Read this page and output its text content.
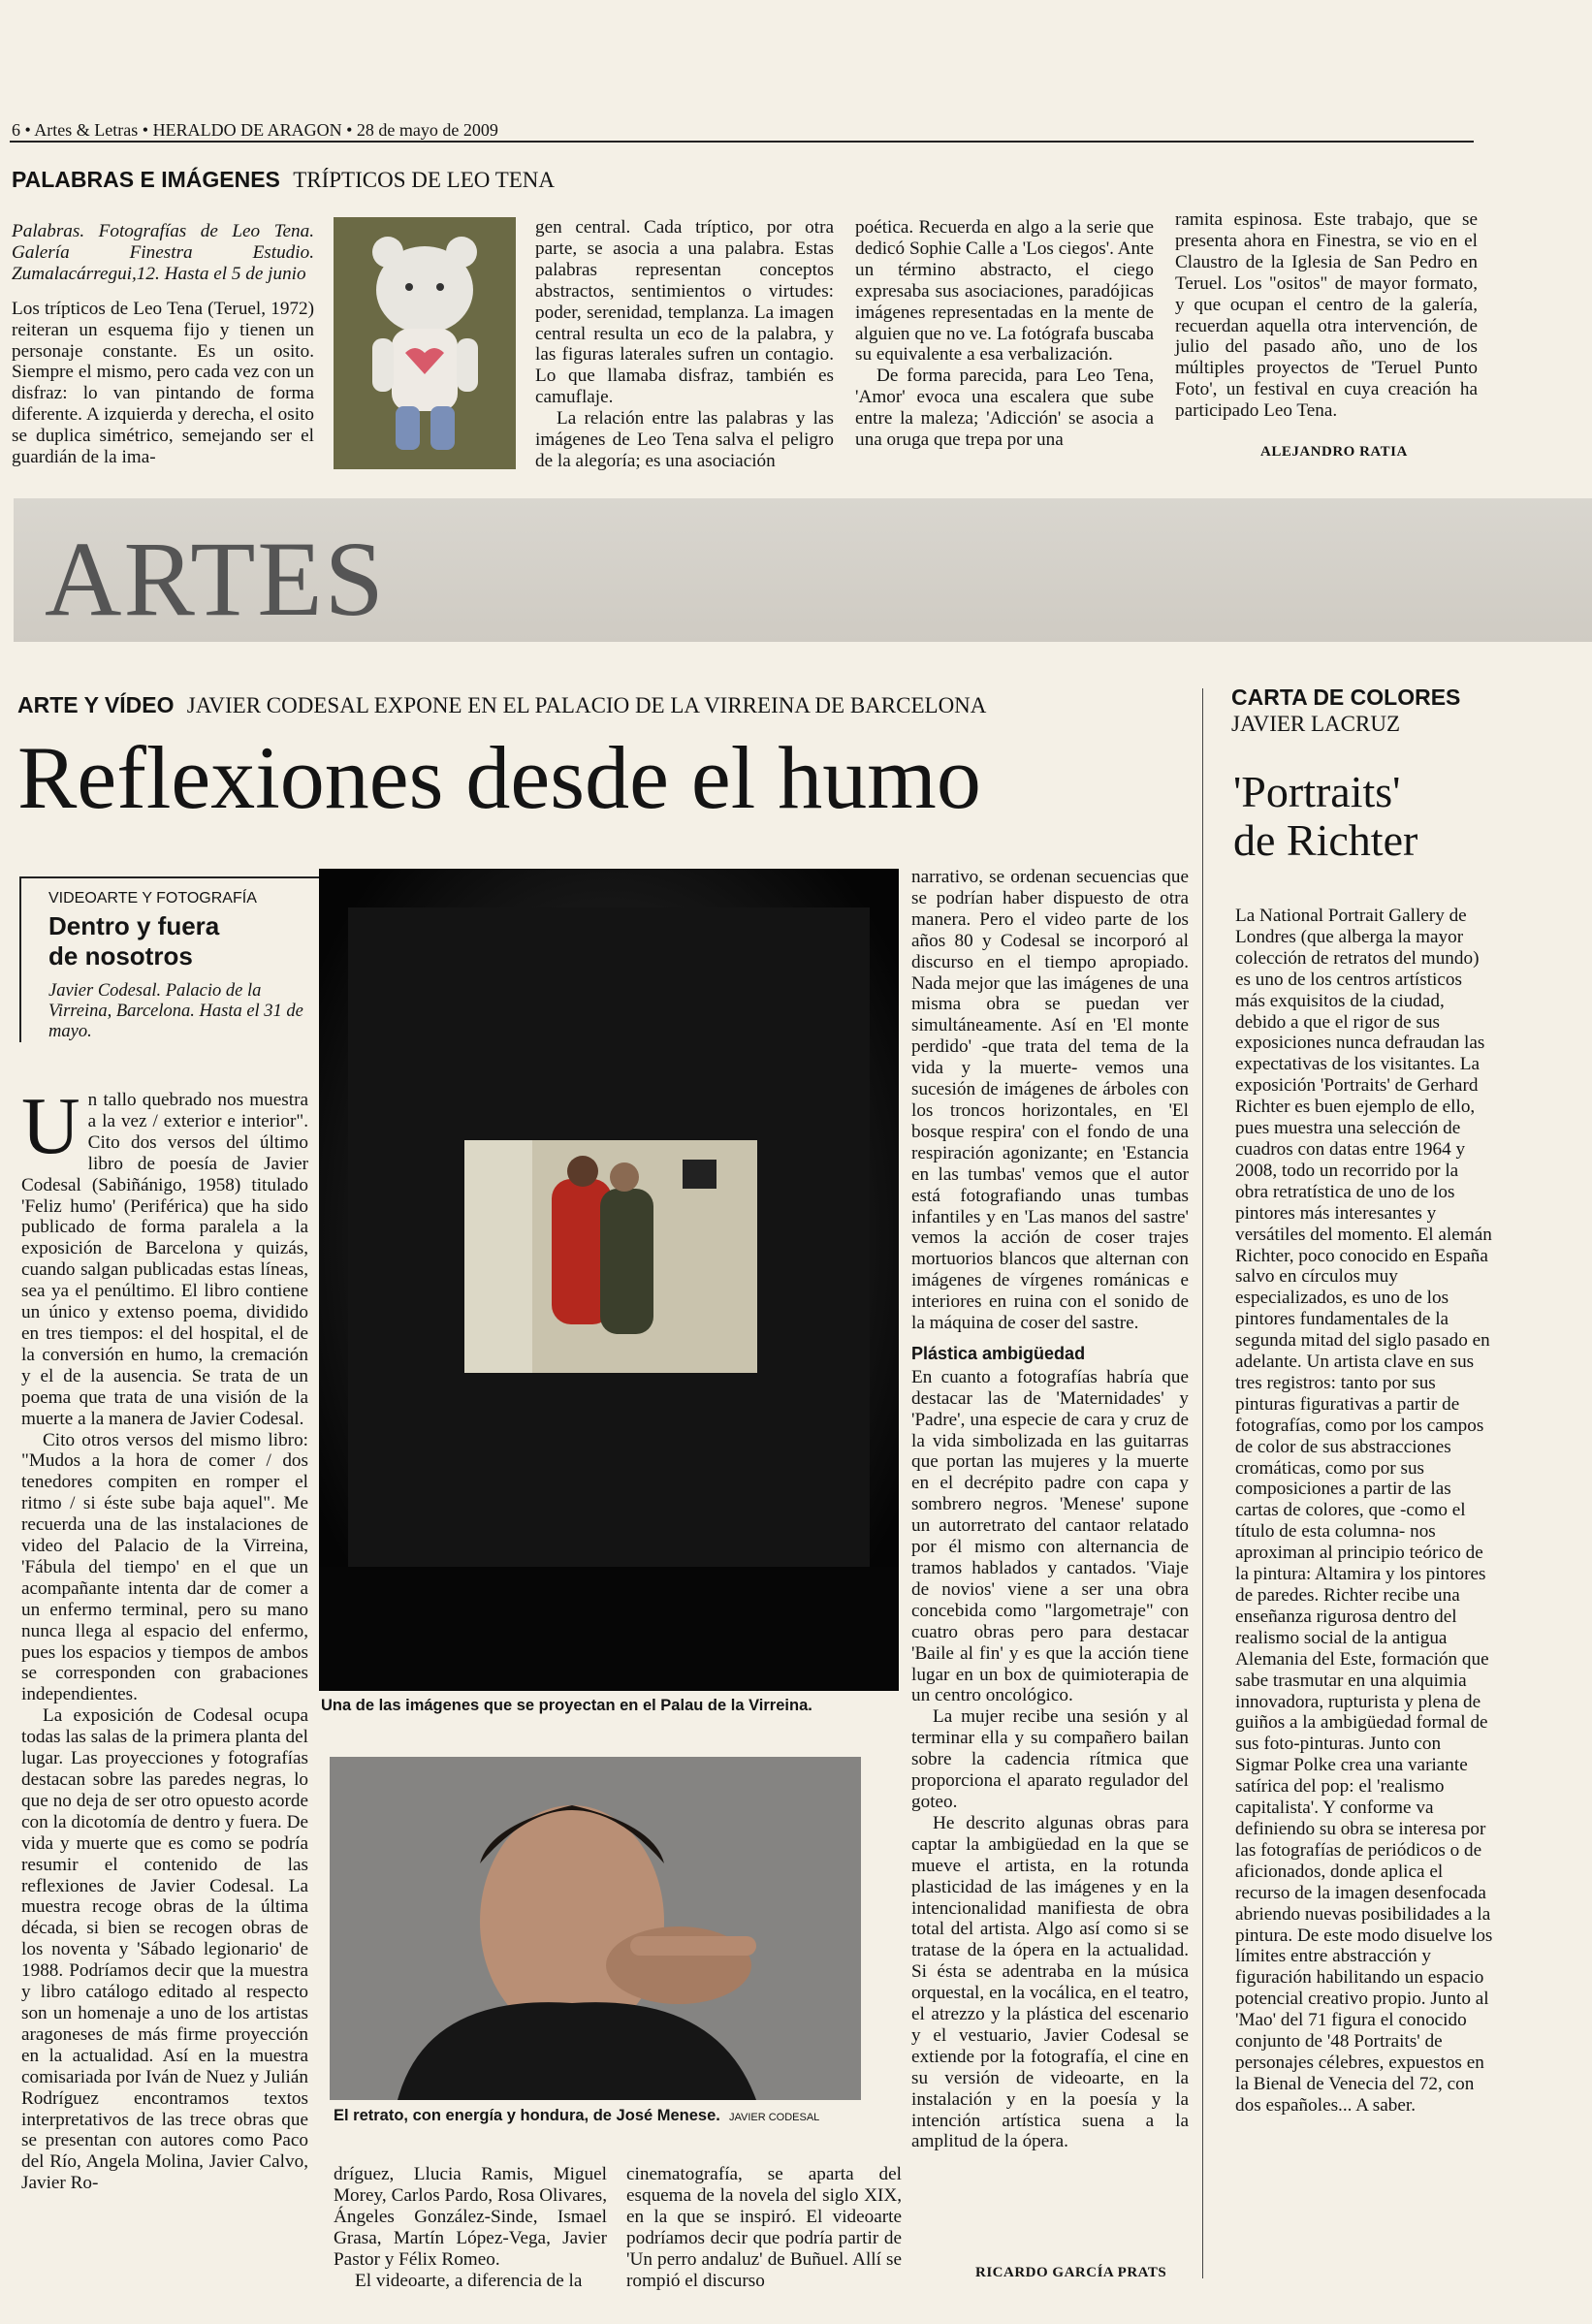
6 • Artes & Letras • HERALDO DE ARAGON • 28 de mayo de 2009
PALABRAS E IMÁGENES TRÍPTICOS DE LEO TENA

Palabras. Fotografías de Leo Tena. Galería Finestra Estudio. Zumalacárregui,12. Hasta el 5 de junio

Los trípticos de Leo Tena (Teruel, 1972) reiteran un esquema fijo y tienen un personaje constante. Es un osito. Siempre el mismo, pero cada vez con un disfraz: lo van pintando de forma diferente. A izquierda y derecha, el osito se duplica simétrico, semejando ser el guardián de la ima-

gen central. Cada tríptico, por otra parte, se asocia a una palabra. Estas palabras representan conceptos abstractos, sentimientos o virtudes: poder, serenidad, templanza. La imagen central resulta un eco de la palabra, y las figuras laterales sufren un contagio. Lo que llamaba disfraz, también es camuflaje.

La relación entre las palabras y las imágenes de Leo Tena salva el peligro de la alegoría; es una asociación

poética. Recuerda en algo a la serie que dedicó Sophie Calle a 'Los ciegos'. Ante un término abstracto, el ciego expresaba sus asociaciones, paradójicas imágenes representadas en la mente de alguien que no ve. La fotógrafa buscaba su equivalente a esa verbalización.

De forma parecida, para Leo Tena, 'Amor' evoca una escalera que sube entre la maleza; 'Adicción' se asocia a una oruga que trepa por una

ramita espinosa. Este trabajo, que se presenta ahora en Finestra, se vio en el Claustro de la Iglesia de San Pedro en Teruel. Los "ositos" de mayor formato, y que ocupan el centro de la galería, recuerdan aquella otra intervención, de julio del pasado año, uno de los múltiples proyectos de 'Teruel Punto Foto', un festival en cuya creación ha participado Leo Tena.

ALEJANDRO RATIA
ARTES
ARTE Y VÍDEO JAVIER CODESAL EXPONE EN EL PALACIO DE LA VIRREINA DE BARCELONA
Reflexiones desde el humo
VIDEOARTE Y FOTOGRAFÍA
Dentro y fuera
de nosotros
Javier Codesal. Palacio de la Virreina, Barcelona. Hasta el 31 de mayo.

U n tallo quebrado nos muestra a la vez / exterior e interior". Cito dos versos del último libro de poesía de Javier Codesal (Sabiñánigo, 1958) titulado 'Feliz humo' (Periférica) que ha sido publicado de forma paralela a la exposición de Barcelona y quizás, cuando salgan publicadas estas líneas, sea ya el penúltimo. El libro contiene un único y extenso poema, dividido en tres tiempos: el del hospital, el de la conversión en humo, la cremación y el de la ausencia. Se trata de un poema que trata de una visión de la muerte a la manera de Javier Codesal.

Cito otros versos del mismo libro: "Mudos a la hora de comer / dos tenedores compiten en romper el ritmo / si éste sube baja aquel". Me recuerda una de las instalaciones de video del Palacio de la Virreina, 'Fábula del tiempo' en el que un acompañante intenta dar de comer a un enfermo terminal, pero su mano nunca llega al espacio del enfermo, pues los espacios y tiempos de ambos se corresponden con grabaciones independientes.

La exposición de Codesal ocupa todas las salas de la primera planta del lugar. Las proyecciones y fotografías destacan sobre las paredes negras, lo que no deja de ser otro opuesto acorde con la dicotomía de dentro y fuera. De vida y muerte que es como se podría resumir el contenido de las reflexiones de Javier Codesal. La muestra recoge obras de la última década, si bien se recogen obras de los noventa y 'Sábado legionario' de 1988. Podríamos decir que la muestra y libro catálogo editado al respecto son un homenaje a uno de los artistas aragoneses de más firme proyección en la actualidad. Así en la muestra comisariada por Iván de Nuez y Julián Rodríguez encontramos textos interpretativos de las trece obras que se presentan con autores como Paco del Río, Angela Molina, Javier Calvo, Javier Ro-

Una de las imágenes que se proyectan en el Palau de la Virreina.
El retrato, con energía y hondura, de José Menese. JAVIER CODESAL

dríguez, Llucia Ramis, Miguel Morey, Carlos Pardo, Rosa Olivares, Ángeles González-Sinde, Ismael Grasa, Martín López-Vega, Javier Pastor y Félix Romeo.

El videoarte, a diferencia de la

cinematografía, se aparta del esquema de la novela del siglo XIX, en la que se inspiró. El videoarte podríamos decir que podría partir de 'Un perro andaluz' de Buñuel. Allí se rompió el discurso

narrativo, se ordenan secuencias que se podrían haber dispuesto de otra manera. Pero el video parte de los años 80 y Codesal se incorporó al discurso en el tiempo apropiado. Nada mejor que las imágenes de una misma obra se puedan ver simultáneamente. Así en 'El monte perdido' -que trata del tema de la vida y la muerte- vemos una sucesión de imágenes de árboles con los troncos horizontales, en 'El bosque respira' con el fondo de una respiración agonizante; en 'Estancia en las tumbas' vemos que el autor está fotografiando unas tumbas infantiles y en 'Las manos del sastre' vemos la acción de coser trajes mortuorios blancos que alternan con imágenes de vírgenes románicas e interiores en ruina con el sonido de la máquina de coser del sastre.

Plástica ambigüedad

En cuanto a fotografías habría que destacar las de 'Maternidades' y 'Padre', una especie de cara y cruz de la vida simbolizada en las guitarras que portan las mujeres y la muerte en el decrépito padre con capa y sombrero negros. 'Menese' supone un autorretrato del cantaor relatado por él mismo con alternancia de tramos hablados y cantados. 'Viaje de novios' viene a ser una obra concebida como "largometraje" con cuatro obras pero para destacar 'Baile al fin' y es que la acción tiene lugar en un box de quimioterapia de un centro oncológico.

La mujer recibe una sesión y al terminar ella y su compañero bailan sobre la cadencia rítmica que proporciona el aparato regulador del goteo.

He descrito algunas obras para captar la ambigüedad en la que se mueve el artista, en la rotunda plasticidad de las imágenes y en la intencionalidad manifiesta de obra total del artista. Algo así como si se tratase de la ópera en la actualidad. Si ésta se adentraba en la música orquestal, en la vocálica, en el teatro, el atrezzo y la plástica del escenario y el vestuario, Javier Codesal se extiende por la fotografía, el cine en su versión de videoarte, en la instalación y en la poesía y la intención artística suena a la amplitud de la ópera.

RICARDO GARCÍA PRATS
CARTA DE COLORES
JAVIER LACRUZ
'Portraits'
de Richter

La National Portrait Gallery de Londres (que alberga la mayor colección de retratos del mundo) es uno de los centros artísticos más exquisitos de la ciudad, debido a que el rigor de sus exposiciones nunca defraudan las expectativas de los visitantes. La exposición 'Portraits' de Gerhard Richter es buen ejemplo de ello, pues muestra una selección de cuadros con datas entre 1964 y 2008, todo un recorrido por la obra retratística de uno de los pintores más interesantes y versátiles del momento. El alemán Richter, poco conocido en España salvo en círculos muy especializados, es uno de los pintores fundamentales de la segunda mitad del siglo pasado en adelante. Un artista clave en sus tres registros: tanto por sus pinturas figurativas a partir de fotografías, como por los campos de color de sus abstracciones cromáticas, como por sus composiciones a partir de las cartas de colores, que -como el título de esta columna- nos aproximan al principio teórico de la pintura: Altamira y los pintores de paredes. Richter recibe una enseñanza rigurosa dentro del realismo social de la antigua Alemania del Este, formación que sabe trasmutar en una alquimia innovadora, rupturista y plena de guiños a la ambigüedad formal de sus foto-pinturas. Junto con Sigmar Polke crea una variante satírica del pop: el 'realismo capitalista'. Y conforme va definiendo su obra se interesa por las fotografías de periódicos o de aficionados, donde aplica el recurso de la imagen desenfocada abriendo nuevas posibilidades a la pintura. De este modo disuelve los límites entre abstracción y figuración habilitando un espacio potencial creativo propio. Junto al 'Mao' del 71 figura el conocido conjunto de '48 Portraits' de personajes célebres, expuestos en la Bienal de Venecia del 72, con dos españoles... A saber.
